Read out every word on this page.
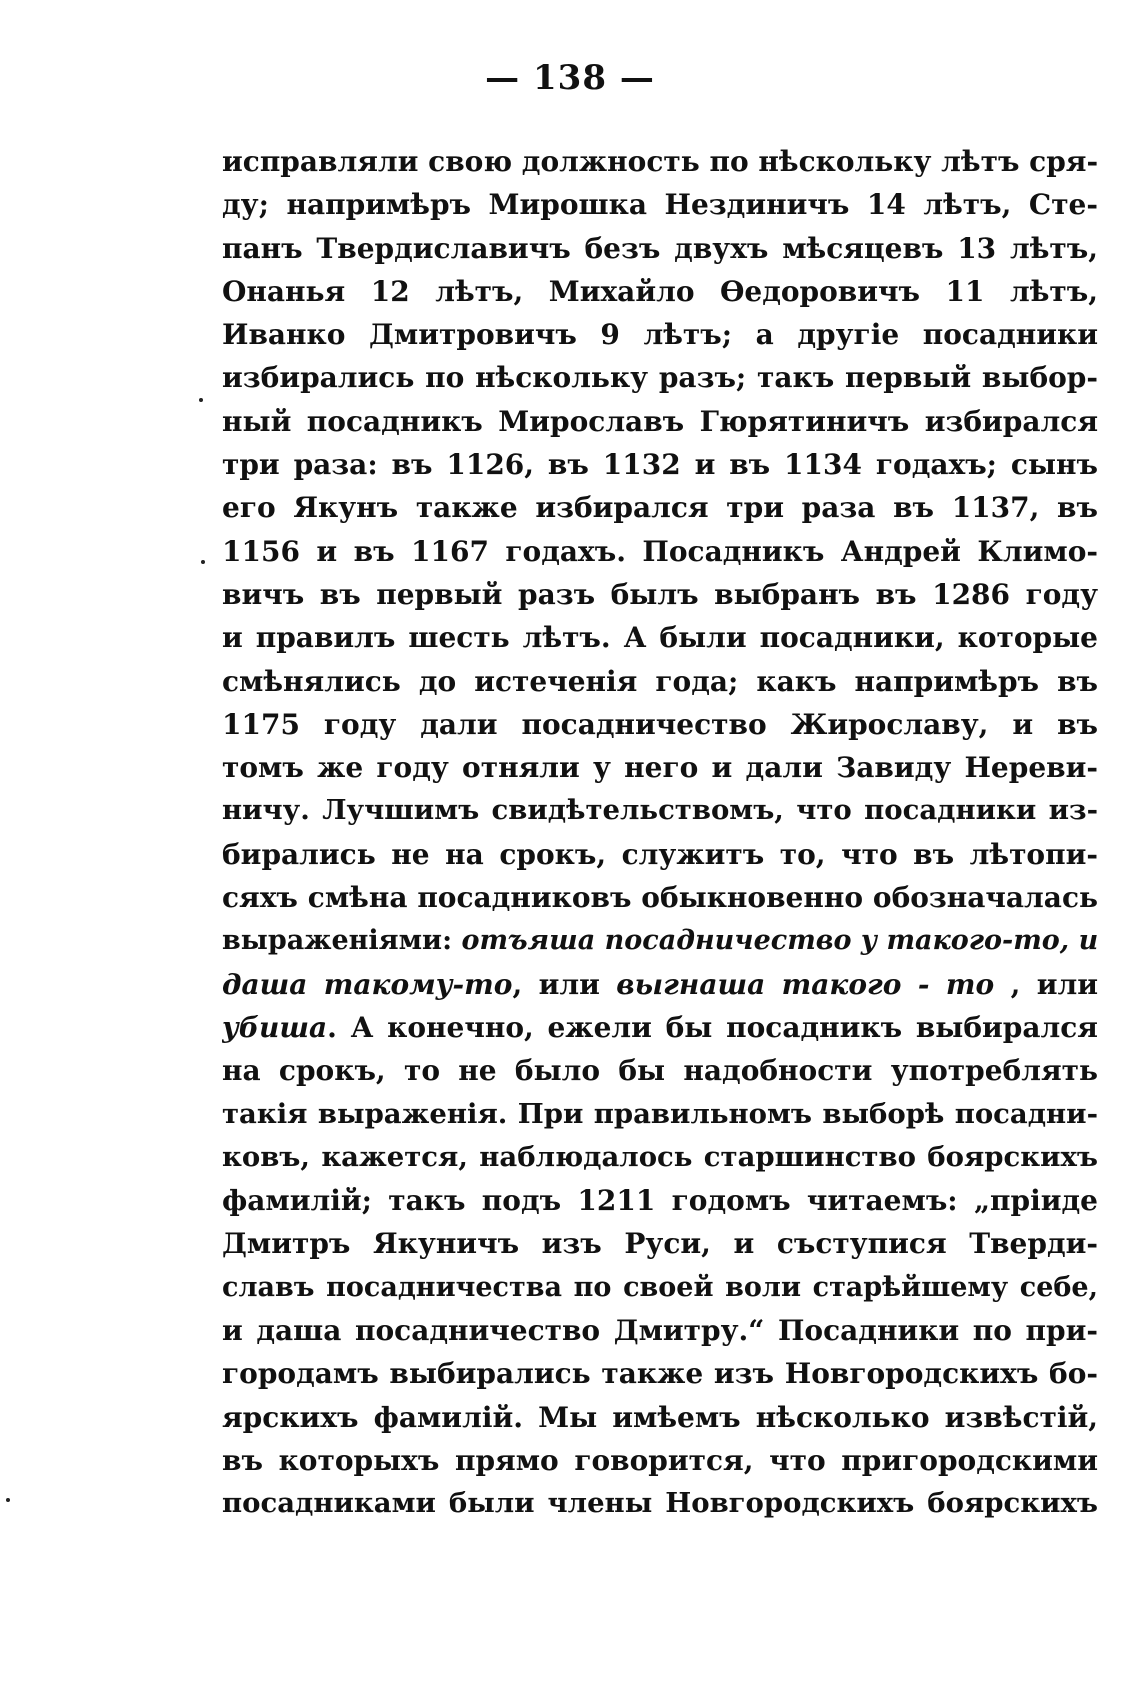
— 138 —
исправляли свою должность по нѣскольку лѣтъ сря-
ду; напримѣръ Мирошка Нездиничъ 14 лѣтъ, Сте-
панъ Твердиславичъ безъ двухъ мѣсяцевъ 13 лѣтъ,
Онанья 12 лѣтъ, Михайло Ѳедоровичъ 11 лѣтъ,
Иванко Дмитровичъ 9 лѣтъ; а другіе посадники
избирались по нѣскольку разъ; такъ первый выбор-
ный посадникъ Мирославъ Гюрятиничъ избирался
три раза: въ 1126, въ 1132 и въ 1134 годахъ; сынъ
его Якунъ также избирался три раза въ 1137, въ
1156 и въ 1167 годахъ. Посадникъ Андрей Климо-
вичъ въ первый разъ былъ выбранъ въ 1286 году
и правилъ шесть лѣтъ. А были посадники, которые
смѣнялись до истеченія года; какъ напримѣръ въ
1175 году дали посадничество Жирославу, и въ
томъ же году отняли у него и дали Завиду Нереви-
ничу. Лучшимъ свидѣтельствомъ, что посадники из-
бирались не на срокъ, служитъ то, что въ лѣтопи-
сяхъ смѣна посадниковъ обыкновенно обозначалась
выраженіями: отъяша посадничество у такого-то, и
даша такому-то, или выгнаша такого - то , или
убиша. А конечно, ежели бы посадникъ выбирался
на срокъ, то не было бы надобности употреблять
такія выраженія. При правильномъ выборѣ посадни-
ковъ, кажется, наблюдалось старшинство боярскихъ
фамилій; такъ подъ 1211 годомъ читаемъ: „пріиде
Дмитръ Якуничъ изъ Руси, и съступися Тверди-
славъ посадничества по своей воли старѣйшему себе,
и даша посадничество Дмитру.“ Посадники по при-
городамъ выбирались также изъ Новгородскихъ бо-
ярскихъ фамилій. Мы имѣемъ нѣсколько извѣстій,
въ которыхъ прямо говорится, что пригородскими
посадниками были члены Новгородскихъ боярскихъ
